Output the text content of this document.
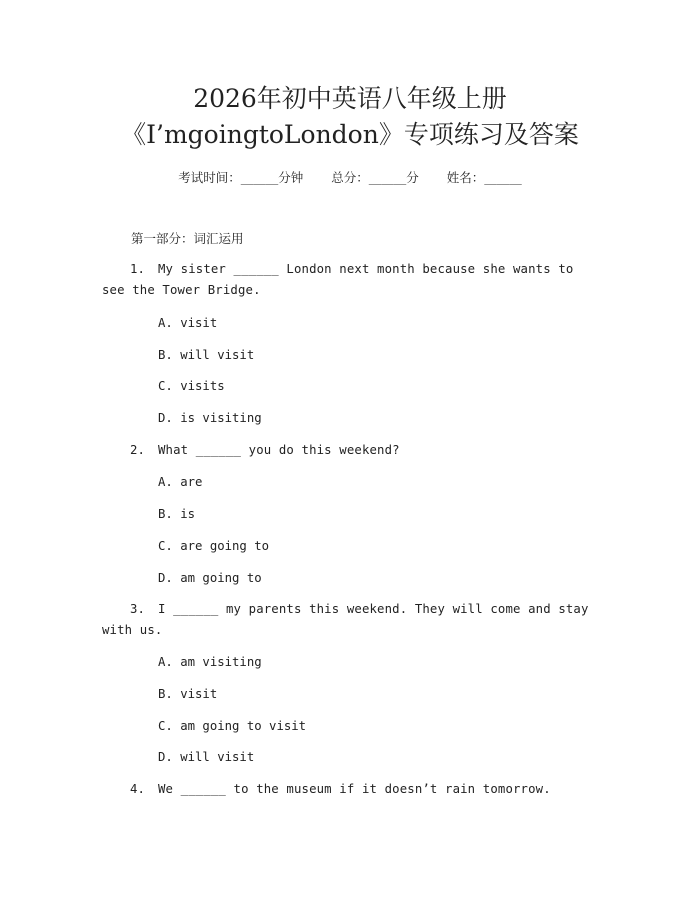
2026年初中英语八年级上册
《I’mgoingtoLondon》专项练习及答案
考试时间：______分钟 总分：______分 姓名：______
第一部分：词汇运用
1. My sister ______ London next month because she wants to see the Tower Bridge.
A. visit
B. will visit
C. visits
D. is visiting
2. What ______ you do this weekend?
A. are
B. is
C. are going to
D. am going to
3. I ______ my parents this weekend. They will come and stay with us.
A. am visiting
B. visit
C. am going to visit
D. will visit
4. We ______ to the museum if it doesn’t rain tomorrow.
